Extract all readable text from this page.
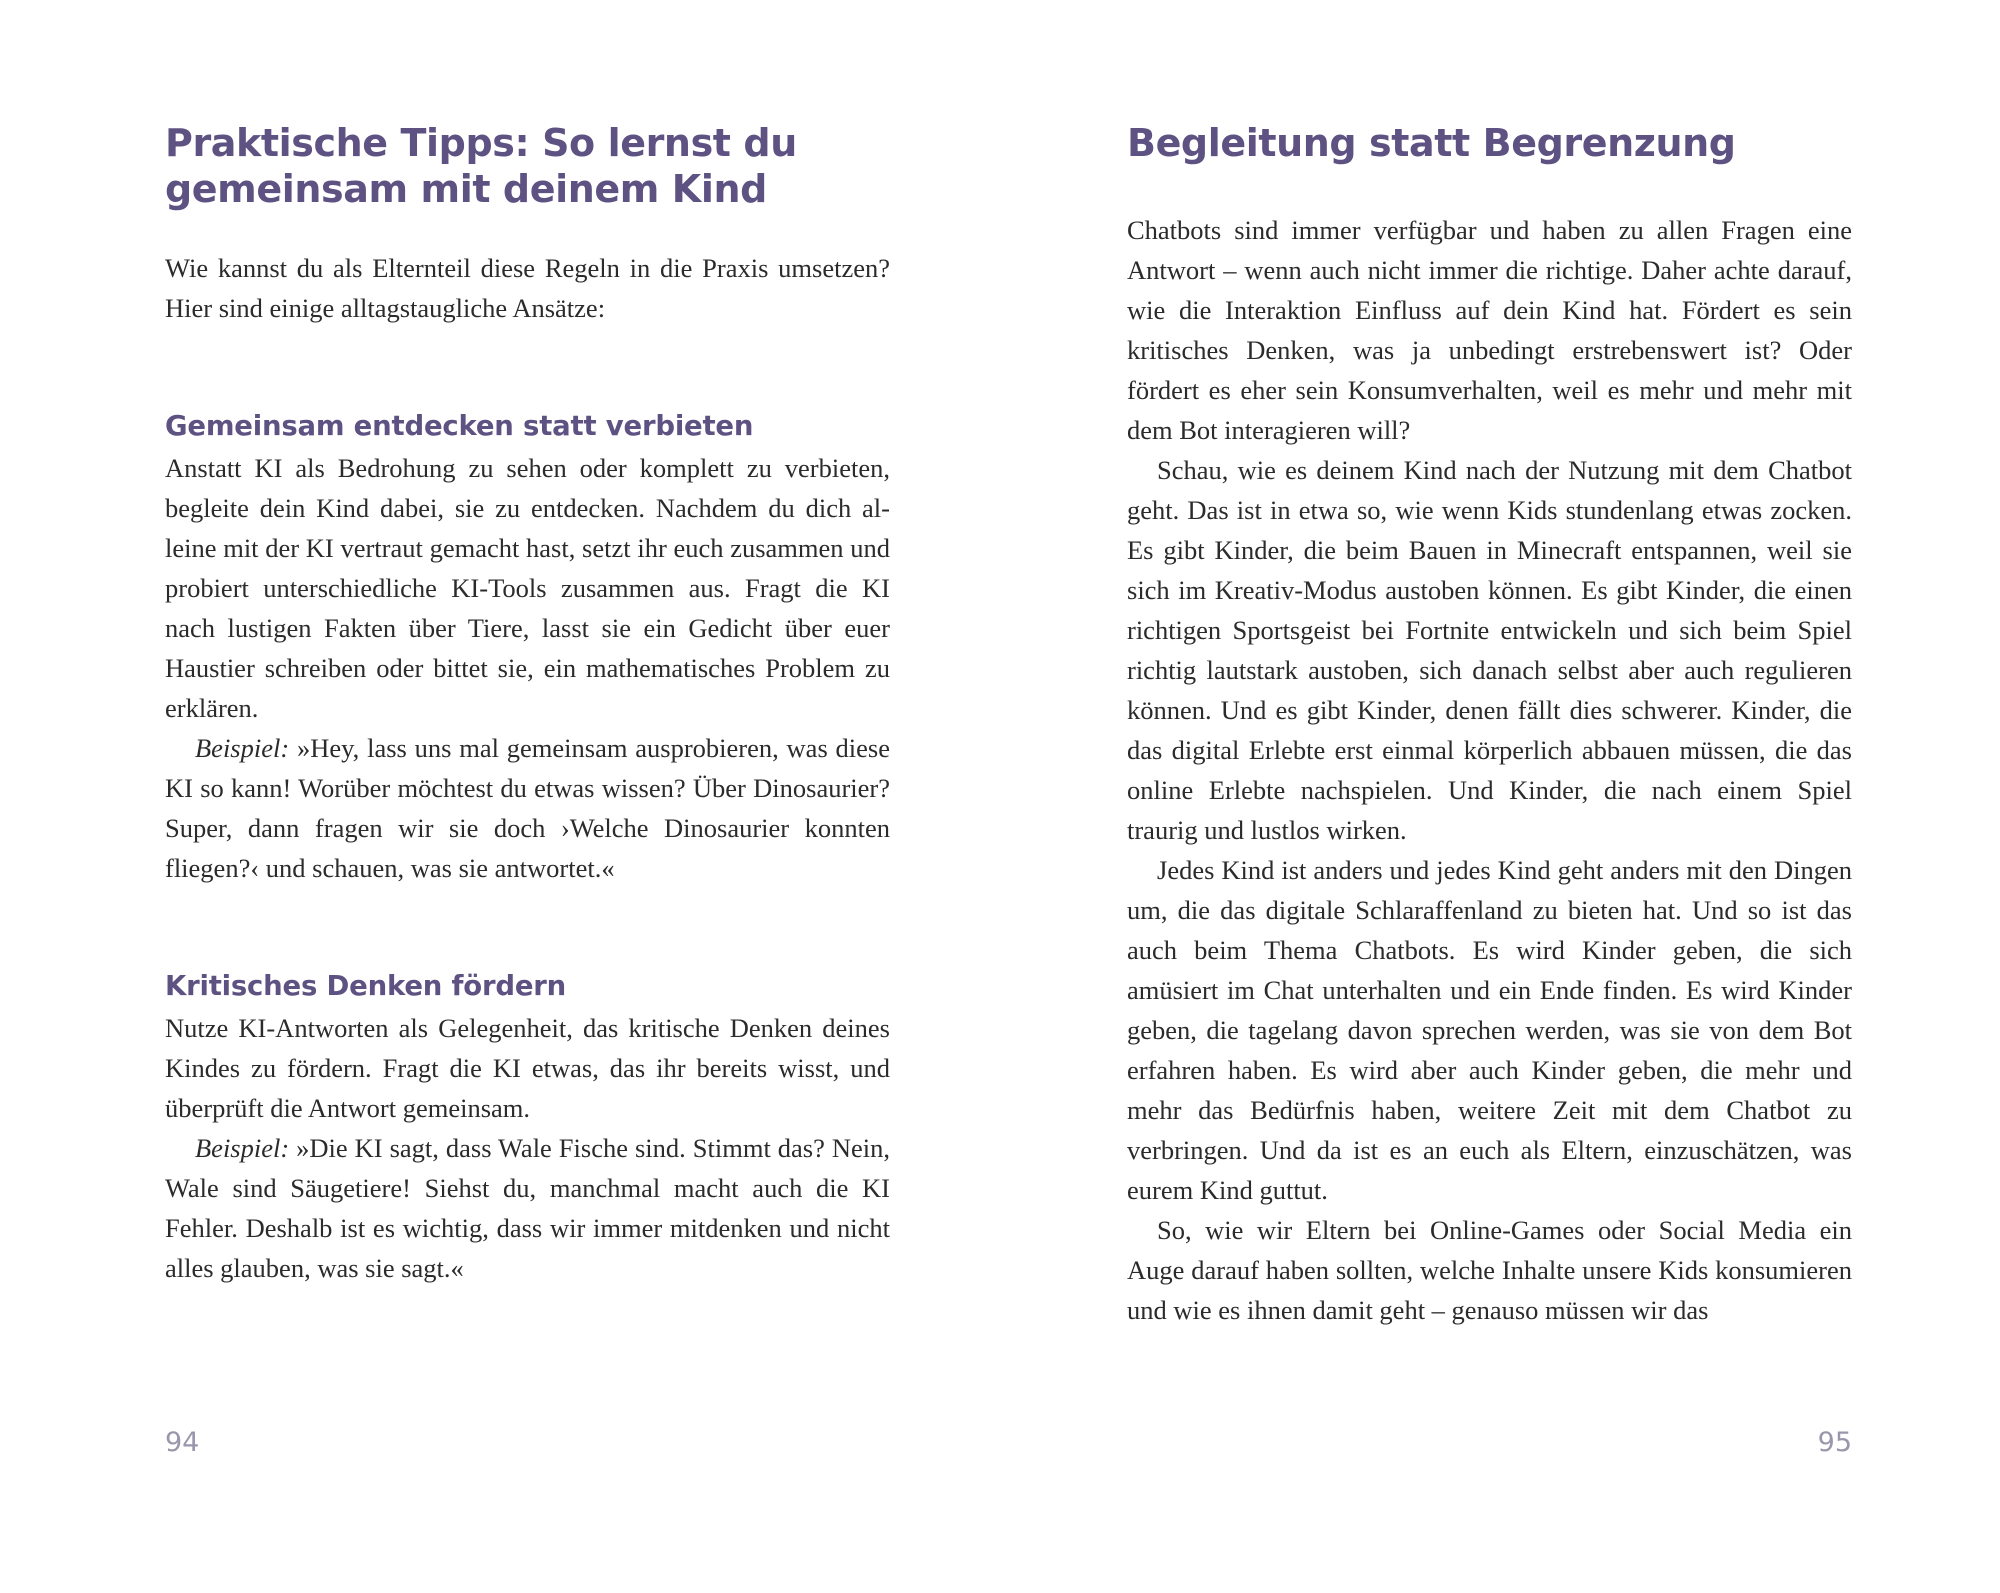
Praktische Tipps: So lernst du gemeinsam mit deinem Kind

Wie kannst du als Elternteil diese Regeln in die Praxis umsetzen? Hier sind einige alltagstaugliche Ansätze:

Gemeinsam entdecken statt verbieten

Anstatt KI als Bedrohung zu sehen oder komplett zu verbieten, begleite dein Kind dabei, sie zu entdecken. Nachdem du dich alleine mit der KI vertraut gemacht hast, setzt ihr euch zusammen und probiert unterschiedliche KI-Tools zusammen aus. Fragt die KI nach lustigen Fakten über Tiere, lasst sie ein Gedicht über euer Haustier schreiben oder bittet sie, ein mathematisches Problem zu erklären.

Beispiel: »Hey, lass uns mal gemeinsam ausprobieren, was diese KI so kann! Worüber möchtest du etwas wissen? Über Dinosaurier? Super, dann fragen wir sie doch ›Welche Dinosaurier konnten fliegen?‹ und schauen, was sie antwortet.«

Kritisches Denken fördern

Nutze KI-Antworten als Gelegenheit, das kritische Denken deines Kindes zu fördern. Fragt die KI etwas, das ihr bereits wisst, und überprüft die Antwort gemeinsam.

Beispiel: »Die KI sagt, dass Wale Fische sind. Stimmt das? Nein, Wale sind Säugetiere! Siehst du, manchmal macht auch die KI Fehler. Deshalb ist es wichtig, dass wir immer mitdenken und nicht alles glauben, was sie sagt.«

94

Begleitung statt Begrenzung

Chatbots sind immer verfügbar und haben zu allen Fragen eine Antwort – wenn auch nicht immer die richtige. Daher achte darauf, wie die Interaktion Einfluss auf dein Kind hat. Fördert es sein kritisches Denken, was ja unbedingt erstrebenswert ist? Oder fördert es eher sein Konsumverhalten, weil es mehr und mehr mit dem Bot interagieren will?

Schau, wie es deinem Kind nach der Nutzung mit dem Chatbot geht. Das ist in etwa so, wie wenn Kids stundenlang etwas zocken. Es gibt Kinder, die beim Bauen in Minecraft entspannen, weil sie sich im Kreativ-Modus austoben können. Es gibt Kinder, die einen richtigen Sportsgeist bei Fortnite entwickeln und sich beim Spiel richtig lautstark austoben, sich danach selbst aber auch regulieren können. Und es gibt Kinder, denen fällt dies schwerer. Kinder, die das digital Erlebte erst einmal körperlich abbauen müssen, die das online Erlebte nachspielen. Und Kinder, die nach einem Spiel traurig und lustlos wirken.

Jedes Kind ist anders und jedes Kind geht anders mit den Dingen um, die das digitale Schlaraffenland zu bieten hat. Und so ist das auch beim Thema Chatbots. Es wird Kinder geben, die sich amüsiert im Chat unterhalten und ein Ende finden. Es wird Kinder geben, die tagelang davon sprechen werden, was sie von dem Bot erfahren haben. Es wird aber auch Kinder geben, die mehr und mehr das Bedürfnis haben, weitere Zeit mit dem Chatbot zu verbringen. Und da ist es an euch als Eltern, einzuschätzen, was eurem Kind guttut.

So, wie wir Eltern bei Online-Games oder Social Media ein Auge darauf haben sollten, welche Inhalte unsere Kids konsumieren und wie es ihnen damit geht – genauso müssen wir das

95
